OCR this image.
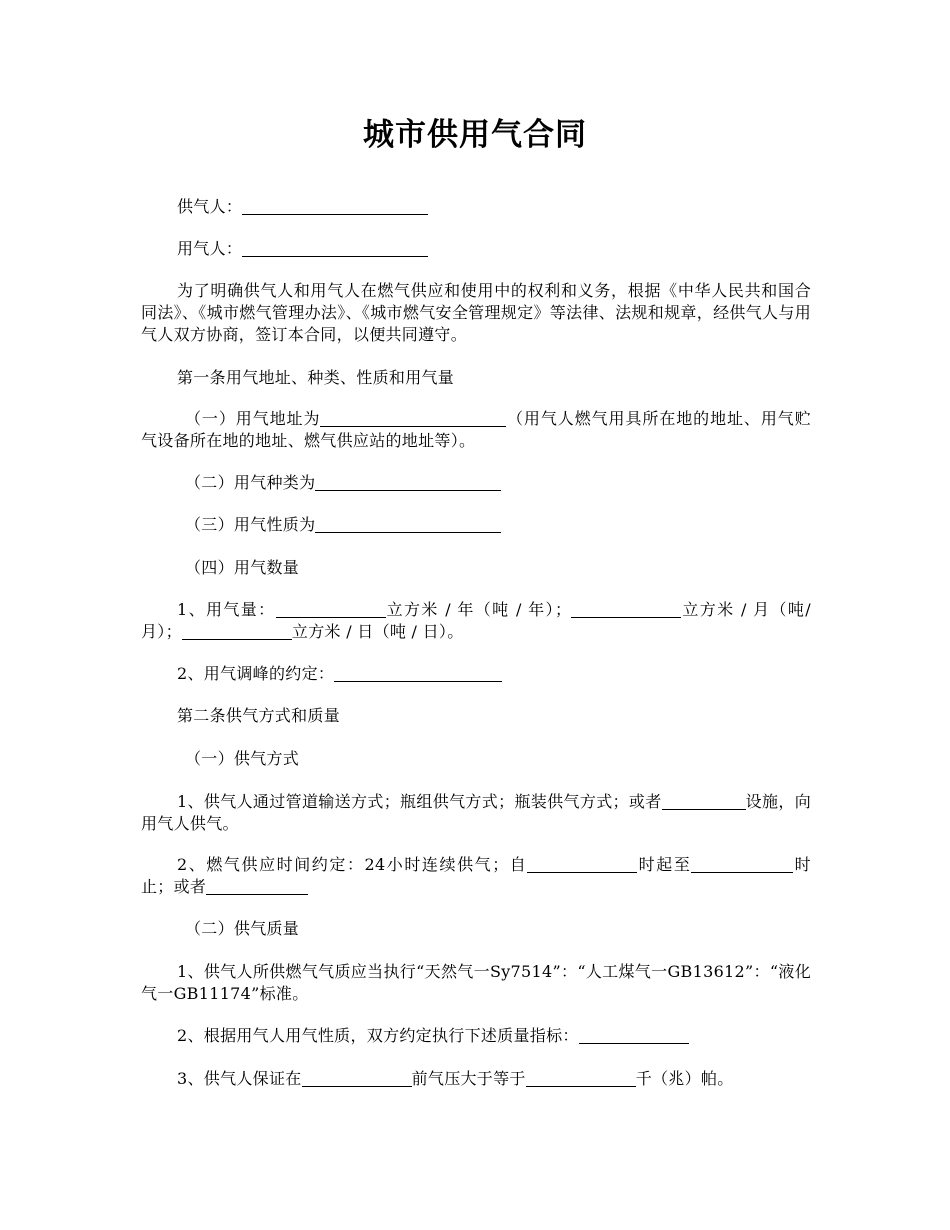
城市供用气合同
供气人：
用气人：
为了明确供气人和用气人在燃气供应和使用中的权利和义务，根据《中华人民共和国合同法》、《城市燃气管理办法》、《城市燃气安全管理规定》等法律、法规和规章，经供气人与用气人双方协商，签订本合同，以便共同遵守。
第一条用气地址、种类、性质和用气量
（一）用气地址为	（用气人燃气用具所在地的地址、用气贮气设备所在地的地址、燃气供应站的地址等）。
（二）用气种类为
（三）用气性质为
（四）用气数量
1、用气量：	立方米 / 年（吨 / 年）；	立方米 / 月（吨/月）；	立方米 / 日（吨 / 日）。
2、用气调峰的约定：
第二条供气方式和质量
（一）供气方式
1、供气人通过管道输送方式；瓶组供气方式；瓶装供气方式；或者	设施，向用气人供气。
2、燃气供应时间约定：24小时连续供气；自	时起至	时止；或者
（二）供气质量
1、供气人所供燃气气质应当执行“天然气一Sy7514”：“人工煤气一GB13612”：“液化气一GB11174”标准。
2、根据用气人用气性质，双方约定执行下述质量指标：
3、供气人保证在	前气压大于等于	千（兆）帕。
